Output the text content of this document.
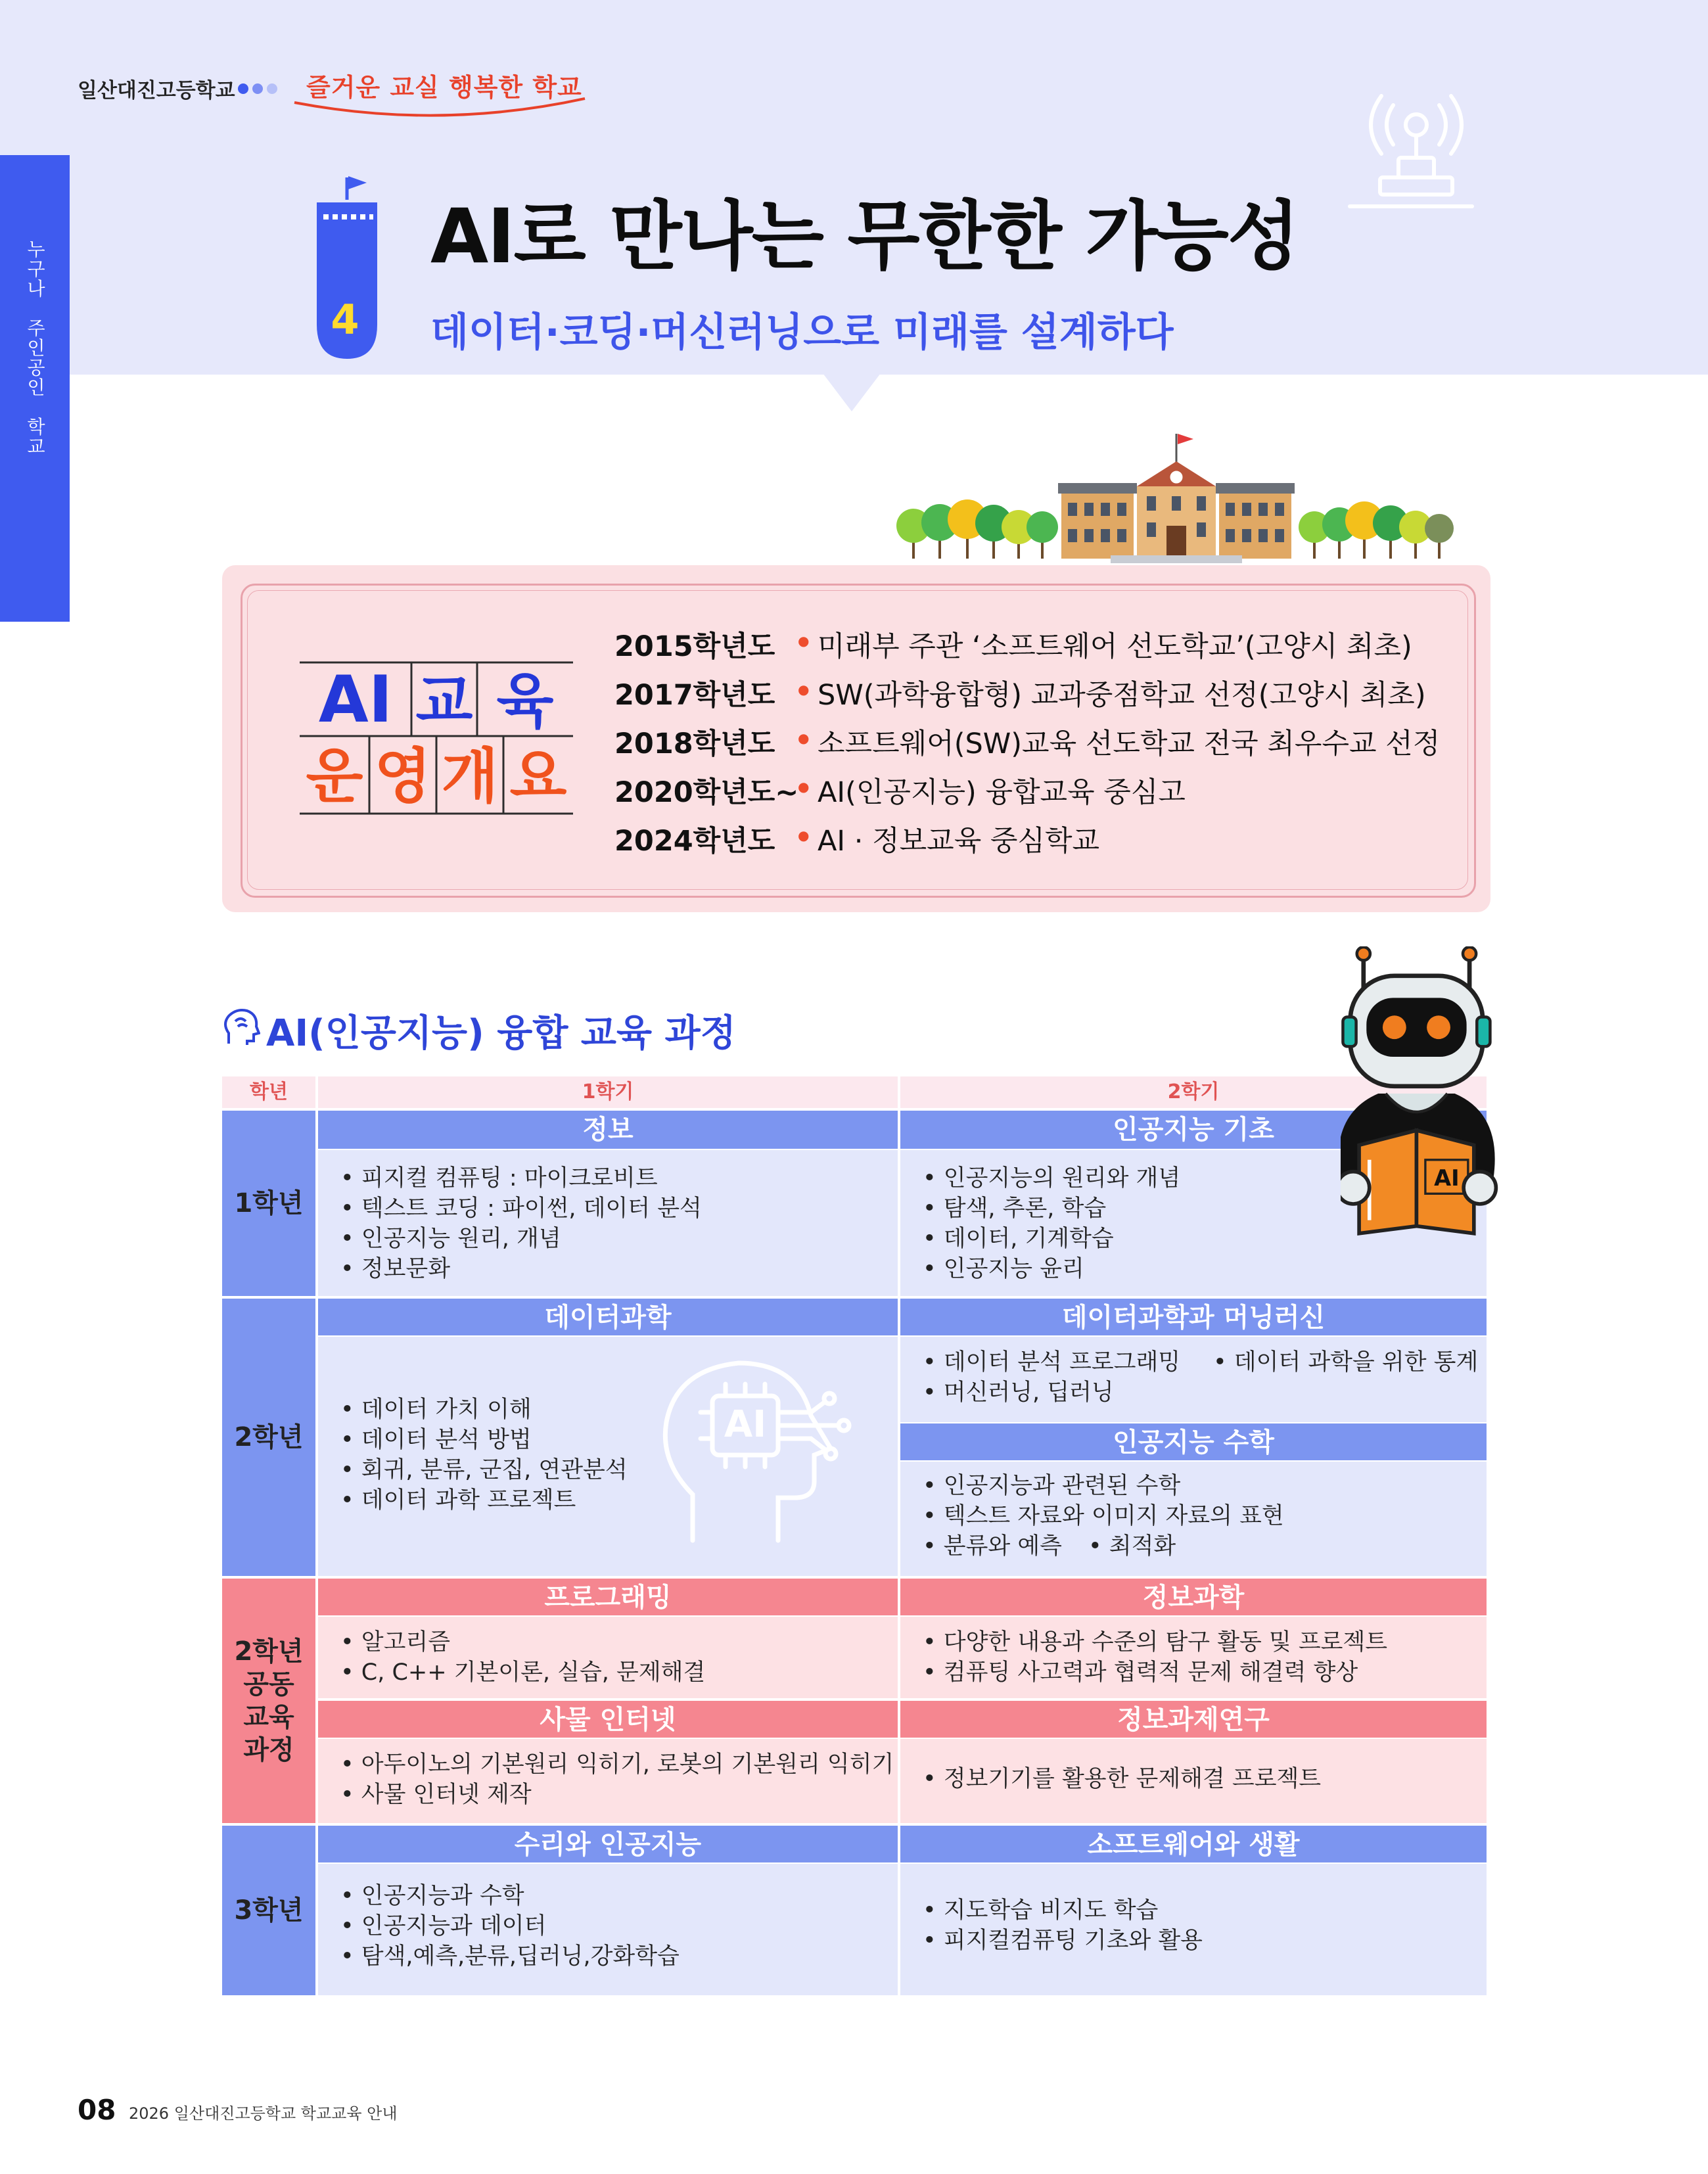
일산대진고등학교	즐거운 교실 행복한 학교
누
구
나

주
인
공
인

학
교
4
AI로 만나는 무한한 가능성
데이터·코딩·머신러닝으로 미래를 설계하다
AI 교 육
운 영 개 요
2015학년도 ● 미래부 주관 ‘소프트웨어 선도학교’(고양시 최초)
2017학년도 ● SW(과학융합형) 교과중점학교 선정(고양시 최초)
2018학년도 ● 소프트웨어(SW)교육 선도학교 전국 최우수교 선정
2020학년도~
● AI(인공지능) 융합교육 중심고
2024학년도 ● AI · 정보교육 중심학교
AI(인공지능) 융합 교육 과정
학년	1학기	2학기
1학년
정보
• 피지컬 컴퓨팅 : 마이크로비트
• 텍스트 코딩 : 파이썬, 데이터 분석
• 인공지능 원리, 개념
• 정보문화
인공지능 기초
• 인공지능의 원리와 개념
• 탐색, 추론, 학습
• 데이터, 기계학습
• 인공지능 윤리
2학년
데이터과학
• 데이터 가치 이해
• 데이터 분석 방법
• 회귀, 분류, 군집, 연관분석
• 데이터 과학 프로젝트
AI
데이터과학과 머닝러신
• 데이터 분석 프로그래밍
• 머신러닝, 딥러닝
• 데이터 과학을 위한 통계
인공지능 수학
• 인공지능과 관련된 수학
• 텍스트 자료와 이미지 자료의 표현
• 분류와 예측
•	최적화
2학년
공동
교육
과정
프로그래밍
• 알고리즘
• C, C++ 기본이론, 실습, 문제해결
정보과학
• 다양한 내용과 수준의 탐구 활동 및 프로젝트
• 컴퓨팅 사고력과 협력적 문제 해결력 향상
사물 인터넷
• 아두이노의 기본원리 익히기, 로봇의 기본원리 익히기
• 사물 인터넷 제작
정보과제연구
• 정보기기를 활용한 문제해결 프로젝트
3학년
수리와 인공지능
• 인공지능과 수학
• 인공지능과 데이터
• 탐색,예측,분류,딥러닝,강화학습
소프트웨어와 생활
• 지도학습 비지도 학습
• 피지컬컴퓨팅 기초와 활용
AI
08 2026 일산대진고등학교 학교교육 안내
